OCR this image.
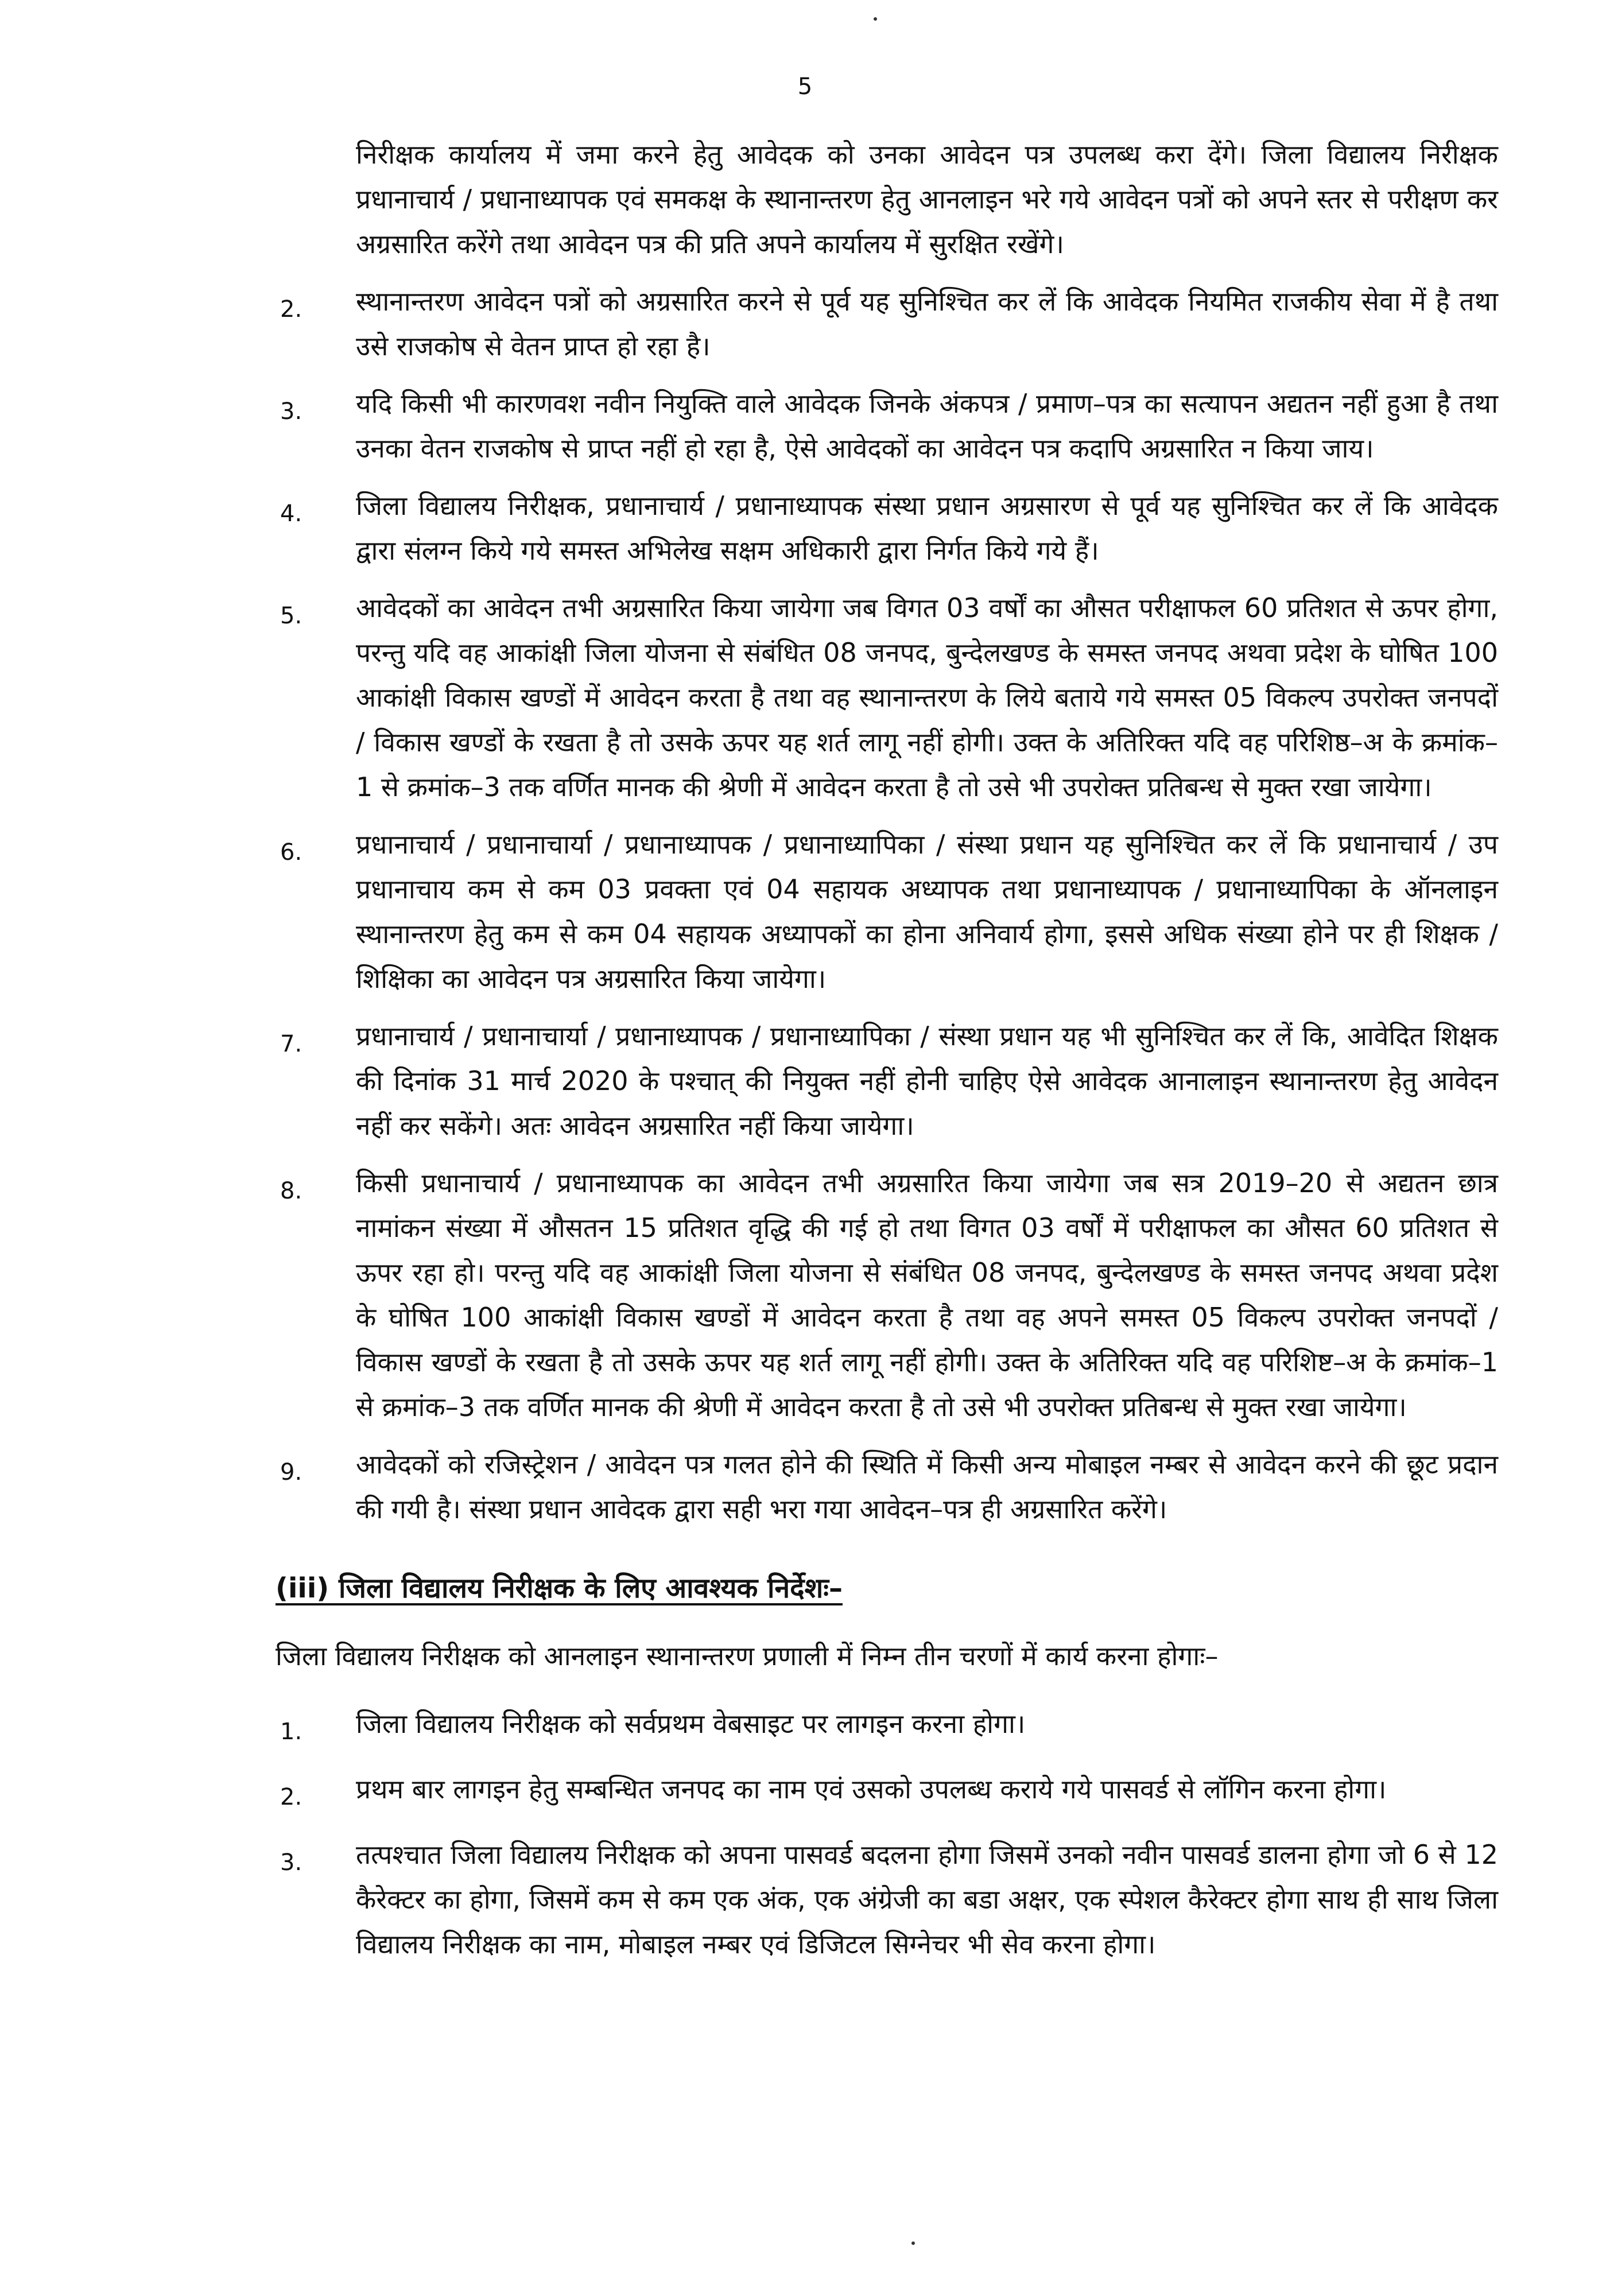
5
निरीक्षक कार्यालय में जमा करने हेतु आवेदक को उनका आवेदन पत्र उपलब्ध करा देंगे। जिला विद्यालय निरीक्षक प्रधानाचार्य / प्रधानाध्यापक एवं समकक्ष के स्थानान्तरण हेतु आनलाइन भरे गये आवेदन पत्रों को अपने स्तर से परीक्षण कर अग्रसारित करेंगे तथा आवेदन पत्र की प्रति अपने कार्यालय में सुरक्षित रखेंगे।
2.	स्थानान्तरण आवेदन पत्रों को अग्रसारित करने से पूर्व यह सुनिश्चित कर लें कि आवेदक नियमित राजकीय सेवा में है तथा उसे राजकोष से वेतन प्राप्त हो रहा है।
3.	यदि किसी भी कारणवश नवीन नियुक्ति वाले आवेदक जिनके अंकपत्र / प्रमाण–पत्र का सत्यापन अद्यतन नहीं हुआ है तथा उनका वेतन राजकोष से प्राप्त नहीं हो रहा है, ऐसे आवेदकों का आवेदन पत्र कदापि अग्रसारित न किया जाय।
4.	जिला विद्यालय निरीक्षक, प्रधानाचार्य / प्रधानाध्यापक संस्था प्रधान अग्रसारण से पूर्व यह सुनिश्चित कर लें कि आवेदक द्वारा संलग्न किये गये समस्त अभिलेख सक्षम अधिकारी द्वारा निर्गत किये गये हैं।
5.	आवेदकों का आवेदन तभी अग्रसारित किया जायेगा जब विगत 03 वर्षों का औसत परीक्षाफल 60 प्रतिशत से ऊपर होगा, परन्तु यदि वह आकांक्षी जिला योजना से संबंधित 08 जनपद, बुन्देलखण्ड के समस्त जनपद अथवा प्रदेश के घोषित 100 आकांक्षी विकास खण्डों में आवेदन करता है तथा वह स्थानान्तरण के लिये बताये गये समस्त 05 विकल्प उपरोक्त जनपदों / विकास खण्डों के रखता है तो उसके ऊपर यह शर्त लागू नहीं होगी। उक्त के अतिरिक्त यदि वह परिशिष्ठ–अ के क्रमांक–1 से क्रमांक–3 तक वर्णित मानक की श्रेणी में आवेदन करता है तो उसे भी उपरोक्त प्रतिबन्ध से मुक्त रखा जायेगा।
6.	प्रधानाचार्य / प्रधानाचार्या / प्रधानाध्यापक / प्रधानाध्यापिका / संस्था प्रधान यह सुनिश्चित कर लें कि प्रधानाचार्य / उप प्रधानाचाय कम से कम 03 प्रवक्ता एवं 04 सहायक अध्यापक तथा प्रधानाध्यापक / प्रधानाध्यापिका के ऑनलाइन स्थानान्तरण हेतु कम से कम 04 सहायक अध्यापकों का होना अनिवार्य होगा, इससे अधिक संख्या होने पर ही शिक्षक / शिक्षिका का आवेदन पत्र अग्रसारित किया जायेगा।
7.	प्रधानाचार्य / प्रधानाचार्या / प्रधानाध्यापक / प्रधानाध्यापिका / संस्था प्रधान यह भी सुनिश्चित कर लें कि, आवेदित शिक्षक की दिनांक 31 मार्च 2020 के पश्चात् की नियुक्त नहीं होनी चाहिए ऐसे आवेदक आनालाइन स्थानान्तरण हेतु आवेदन नहीं कर सकेंगे। अतः आवेदन अग्रसारित नहीं किया जायेगा।
8.	किसी प्रधानाचार्य / प्रधानाध्यापक का आवेदन तभी अग्रसारित किया जायेगा जब सत्र 2019–20 से अद्यतन छात्र नामांकन संख्या में औसतन 15 प्रतिशत वृद्धि की गई हो तथा विगत 03 वर्षों में परीक्षाफल का औसत 60 प्रतिशत से ऊपर रहा हो। परन्तु यदि वह आकांक्षी जिला योजना से संबंधित 08 जनपद, बुन्देलखण्ड के समस्त जनपद अथवा प्रदेश के घोषित 100 आकांक्षी विकास खण्डों में आवेदन करता है तथा वह अपने समस्त 05 विकल्प उपरोक्त जनपदों / विकास खण्डों के रखता है तो उसके ऊपर यह शर्त लागू नहीं होगी। उक्त के अतिरिक्त यदि वह परिशिष्ट–अ के क्रमांक–1 से क्रमांक–3 तक वर्णित मानक की श्रेणी में आवेदन करता है तो उसे भी उपरोक्त प्रतिबन्ध से मुक्त रखा जायेगा।
9.	आवेदकों को रजिस्ट्रेशन / आवेदन पत्र गलत होने की स्थिति में किसी अन्य मोबाइल नम्बर से आवेदन करने की छूट प्रदान की गयी है। संस्था प्रधान आवेदक द्वारा सही भरा गया आवेदन–पत्र ही अग्रसारित करेंगे।
(iii) जिला विद्यालय निरीक्षक के लिए आवश्यक निर्देशः–
जिला विद्यालय निरीक्षक को आनलाइन स्थानान्तरण प्रणाली में निम्न तीन चरणों में कार्य करना होगाः–
1.	जिला विद्यालय निरीक्षक को सर्वप्रथम वेबसाइट पर लागइन करना होगा।
2.	प्रथम बार लागइन हेतु सम्बन्धित जनपद का नाम एवं उसको उपलब्ध कराये गये पासवर्ड से लॉगिन करना होगा।
3.	तत्पश्चात जिला विद्यालय निरीक्षक को अपना पासवर्ड बदलना होगा जिसमें उनको नवीन पासवर्ड डालना होगा जो 6 से 12 कैरेक्टर का होगा, जिसमें कम से कम एक अंक, एक अंग्रेजी का बडा अक्षर, एक स्पेशल कैरेक्टर होगा साथ ही साथ जिला विद्यालय निरीक्षक का नाम, मोबाइल नम्बर एवं डिजिटल सिग्नेचर भी सेव करना होगा।
